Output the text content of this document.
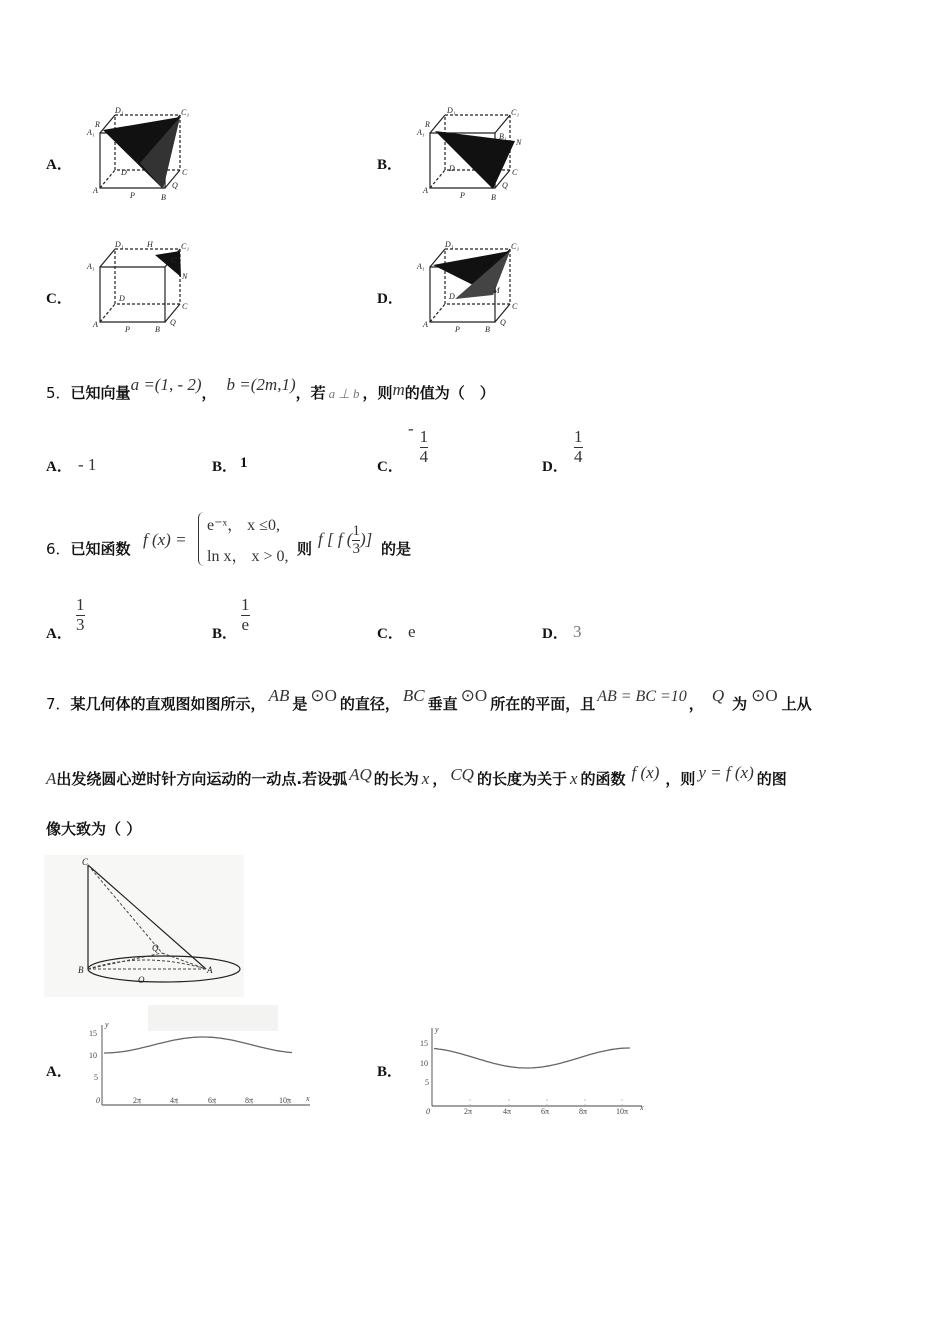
A．
D₁	C₁
A₁
R
D	C
A
P	B
Q
B．
D₁	C₁
A₁
R
B₁
N
D	C
A
P	B
Q
C．
D₁	H	C₁
A₁
G
N
D
C
A
P	B
Q
D．
D₁	C₁
A₁
M
D
C
A
P	B
Q
5．已知向量a =(1, - 2)， b =(2m,1)，若 a ⊥ b ，则m的值为（　）
A． - 1	B． 1	C．
- $\frac{1}{4}$
D．
$\frac{1}{4}$
6．已知函数 f (x) =
e⁻ˣ， x ≤0,
ln x， x > 0, 则
f [ f ( $\frac{1}{3}$ )]
的是
A． $\frac{1}{3}$	B． $\frac{1}{e}$	C． e	D． 3
7．某几何体的直观图如图所示， AB 是 ⊙O 的直径， BC 垂直 ⊙O 所在的平面，且 AB = BC =10 ， Q 为 ⊙O 上从
A出发绕圆心逆时针方向运动的一动点.若设弧 AQ 的长为 x ， CQ 的长度为关于 x 的函数 f (x) ，则 y = f (x) 的图
像大致为（ ）
C
B	A
O
Q
A．
15
10
5
0	2π	4π	6π	8π	10π x
y
B．
15
10
5
0	2π	4π	6π	8π	10π x
y
